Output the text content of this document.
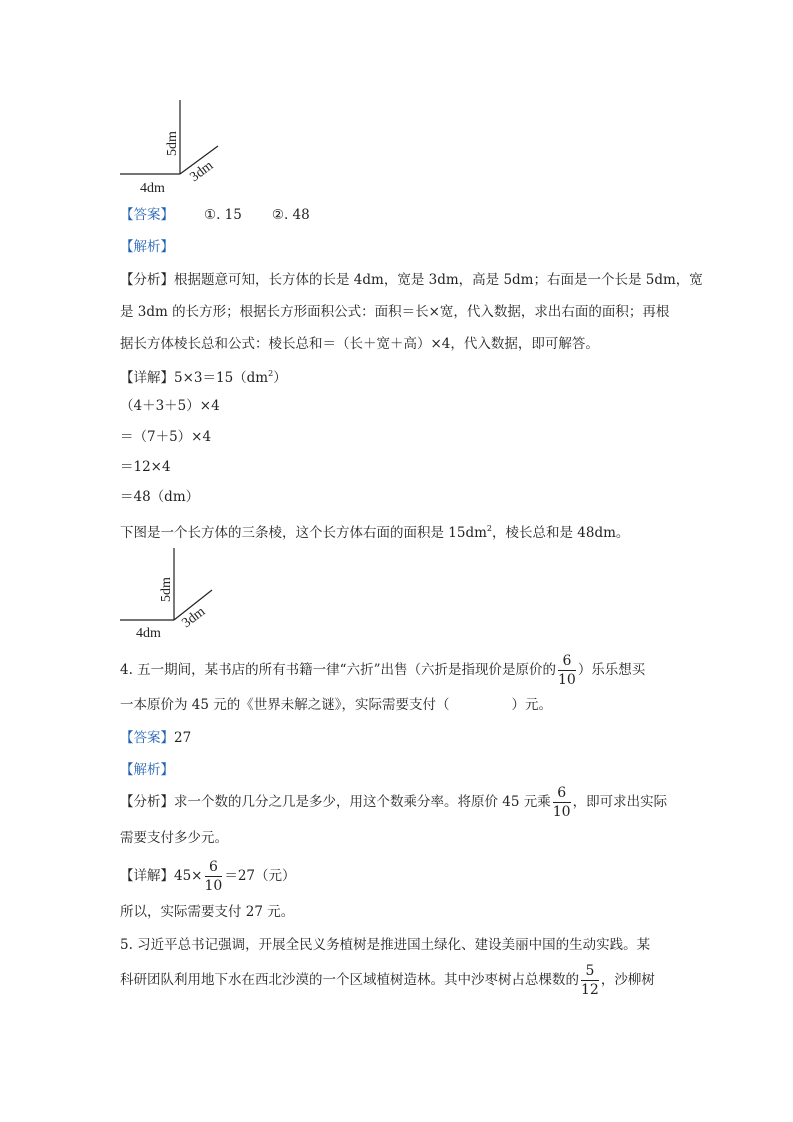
5dm
4dm
3dm
【答案】 ①. 15 ②. 48
【解析】
【分析】根据题意可知，长方体的长是 4dm，宽是 3dm，高是 5dm；右面是一个长是 5dm，宽
是 3dm 的长方形；根据长方形面积公式：面积＝长×宽，代入数据，求出右面的面积；再根
据长方体棱长总和公式：棱长总和＝（长＋宽＋高）×4，代入数据，即可解答。
【详解】$5\times 3=15(dm^2)$
（4＋3＋5）×4
＝（7＋5）×4
＝12×4
＝48（dm）
下图是一个长方体的三条棱，这个长方体右面的面积是 $15dm^2$，棱长总和是 48dm。
5dm
4dm
3dm
4. 五一期间，某书店的所有书籍一律“六折”出售（六折是指现价是原价的 $\frac{6}{10}$ ）乐乐想买
一本原价为 45 元的《世界未解之谜》，实际需要支付（	）元。
【答案】27
【解析】
【分析】求一个数的几分之几是多少，用这个数乘分率。将原价 45 元乘 $\frac{6}{10}$ ，即可求出实际
需要支付多少元。
【详解】$45\times \frac{6}{10} =27$（元）
所以，实际需要支付 27 元。
5. 习近平总书记强调，开展全民义务植树是推进国土绿化、建设美丽中国的生动实践。某
科研团队利用地下水在西北沙漠的一个区域植树造林。其中沙枣树占总棵数的 $\frac{5}{12}$ ，沙柳树
